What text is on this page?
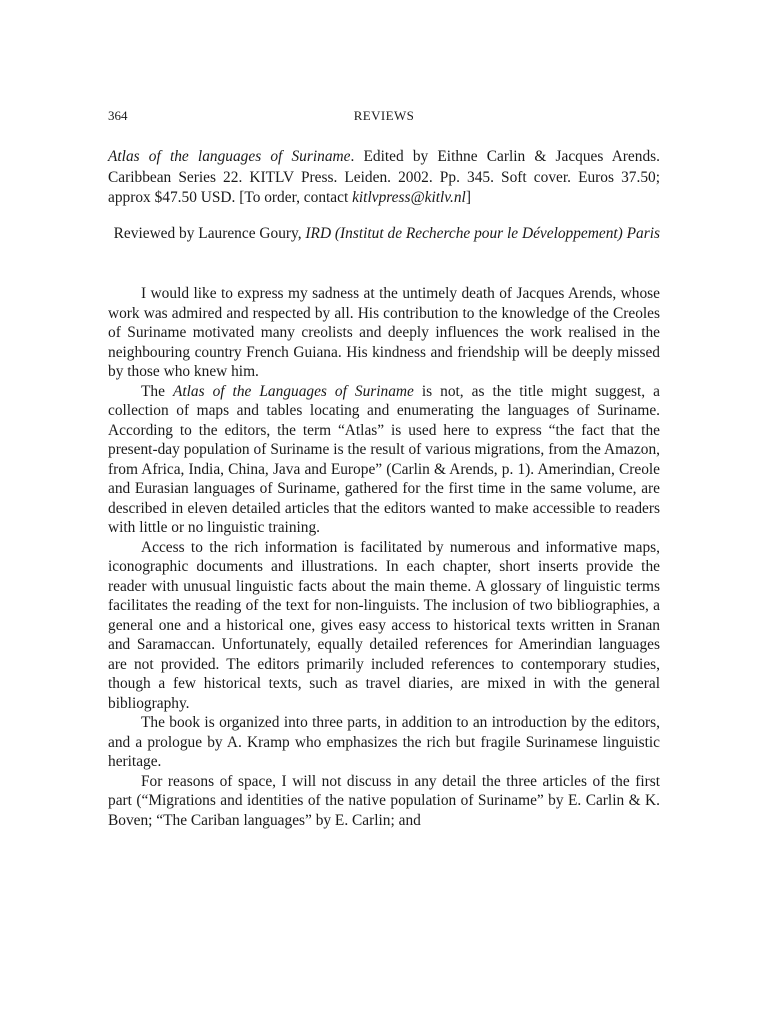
364	REVIEWS
Atlas of the languages of Suriname. Edited by Eithne Carlin & Jacques Arends. Caribbean Series 22. KITLV Press. Leiden. 2002. Pp. 345. Soft cover. Euros 37.50; approx $47.50 USD. [To order, contact kitlvpress@kitlv.nl]
Reviewed by Laurence Goury, IRD (Institut de Recherche pour le Développement) Paris

I would like to express my sadness at the untimely death of Jacques Arends, whose work was admired and respected by all. His contribution to the knowledge of the Creoles of Suriname motivated many creolists and deeply influences the work realised in the neighbouring country French Guiana. His kindness and friendship will be deeply missed by those who knew him.

The Atlas of the Languages of Suriname is not, as the title might suggest, a collection of maps and tables locating and enumerating the languages of Suriname. According to the editors, the term “Atlas” is used here to express “the fact that the present-day population of Suriname is the result of various migrations, from the Amazon, from Africa, India, China, Java and Europe” (Carlin & Arends, p. 1). Amerindian, Creole and Eurasian languages of Suriname, gathered for the first time in the same volume, are described in eleven detailed articles that the editors wanted to make accessible to readers with little or no linguistic training.

Access to the rich information is facilitated by numerous and informative maps, iconographic documents and illustrations. In each chapter, short inserts provide the reader with unusual linguistic facts about the main theme. A glossary of linguistic terms facilitates the reading of the text for non-linguists. The inclusion of two bibliographies, a general one and a historical one, gives easy access to historical texts written in Sranan and Saramaccan. Unfortunately, equally detailed references for Amerindian languages are not provided. The editors primarily included references to contemporary studies, though a few historical texts, such as travel diaries, are mixed in with the general bibliography.

The book is organized into three parts, in addition to an introduction by the editors, and a prologue by A. Kramp who emphasizes the rich but fragile Surinamese linguistic heritage.

For reasons of space, I will not discuss in any detail the three articles of the first part (“Migrations and identities of the native population of Suriname” by E. Carlin & K. Boven; “The Cariban languages” by E. Carlin; and
